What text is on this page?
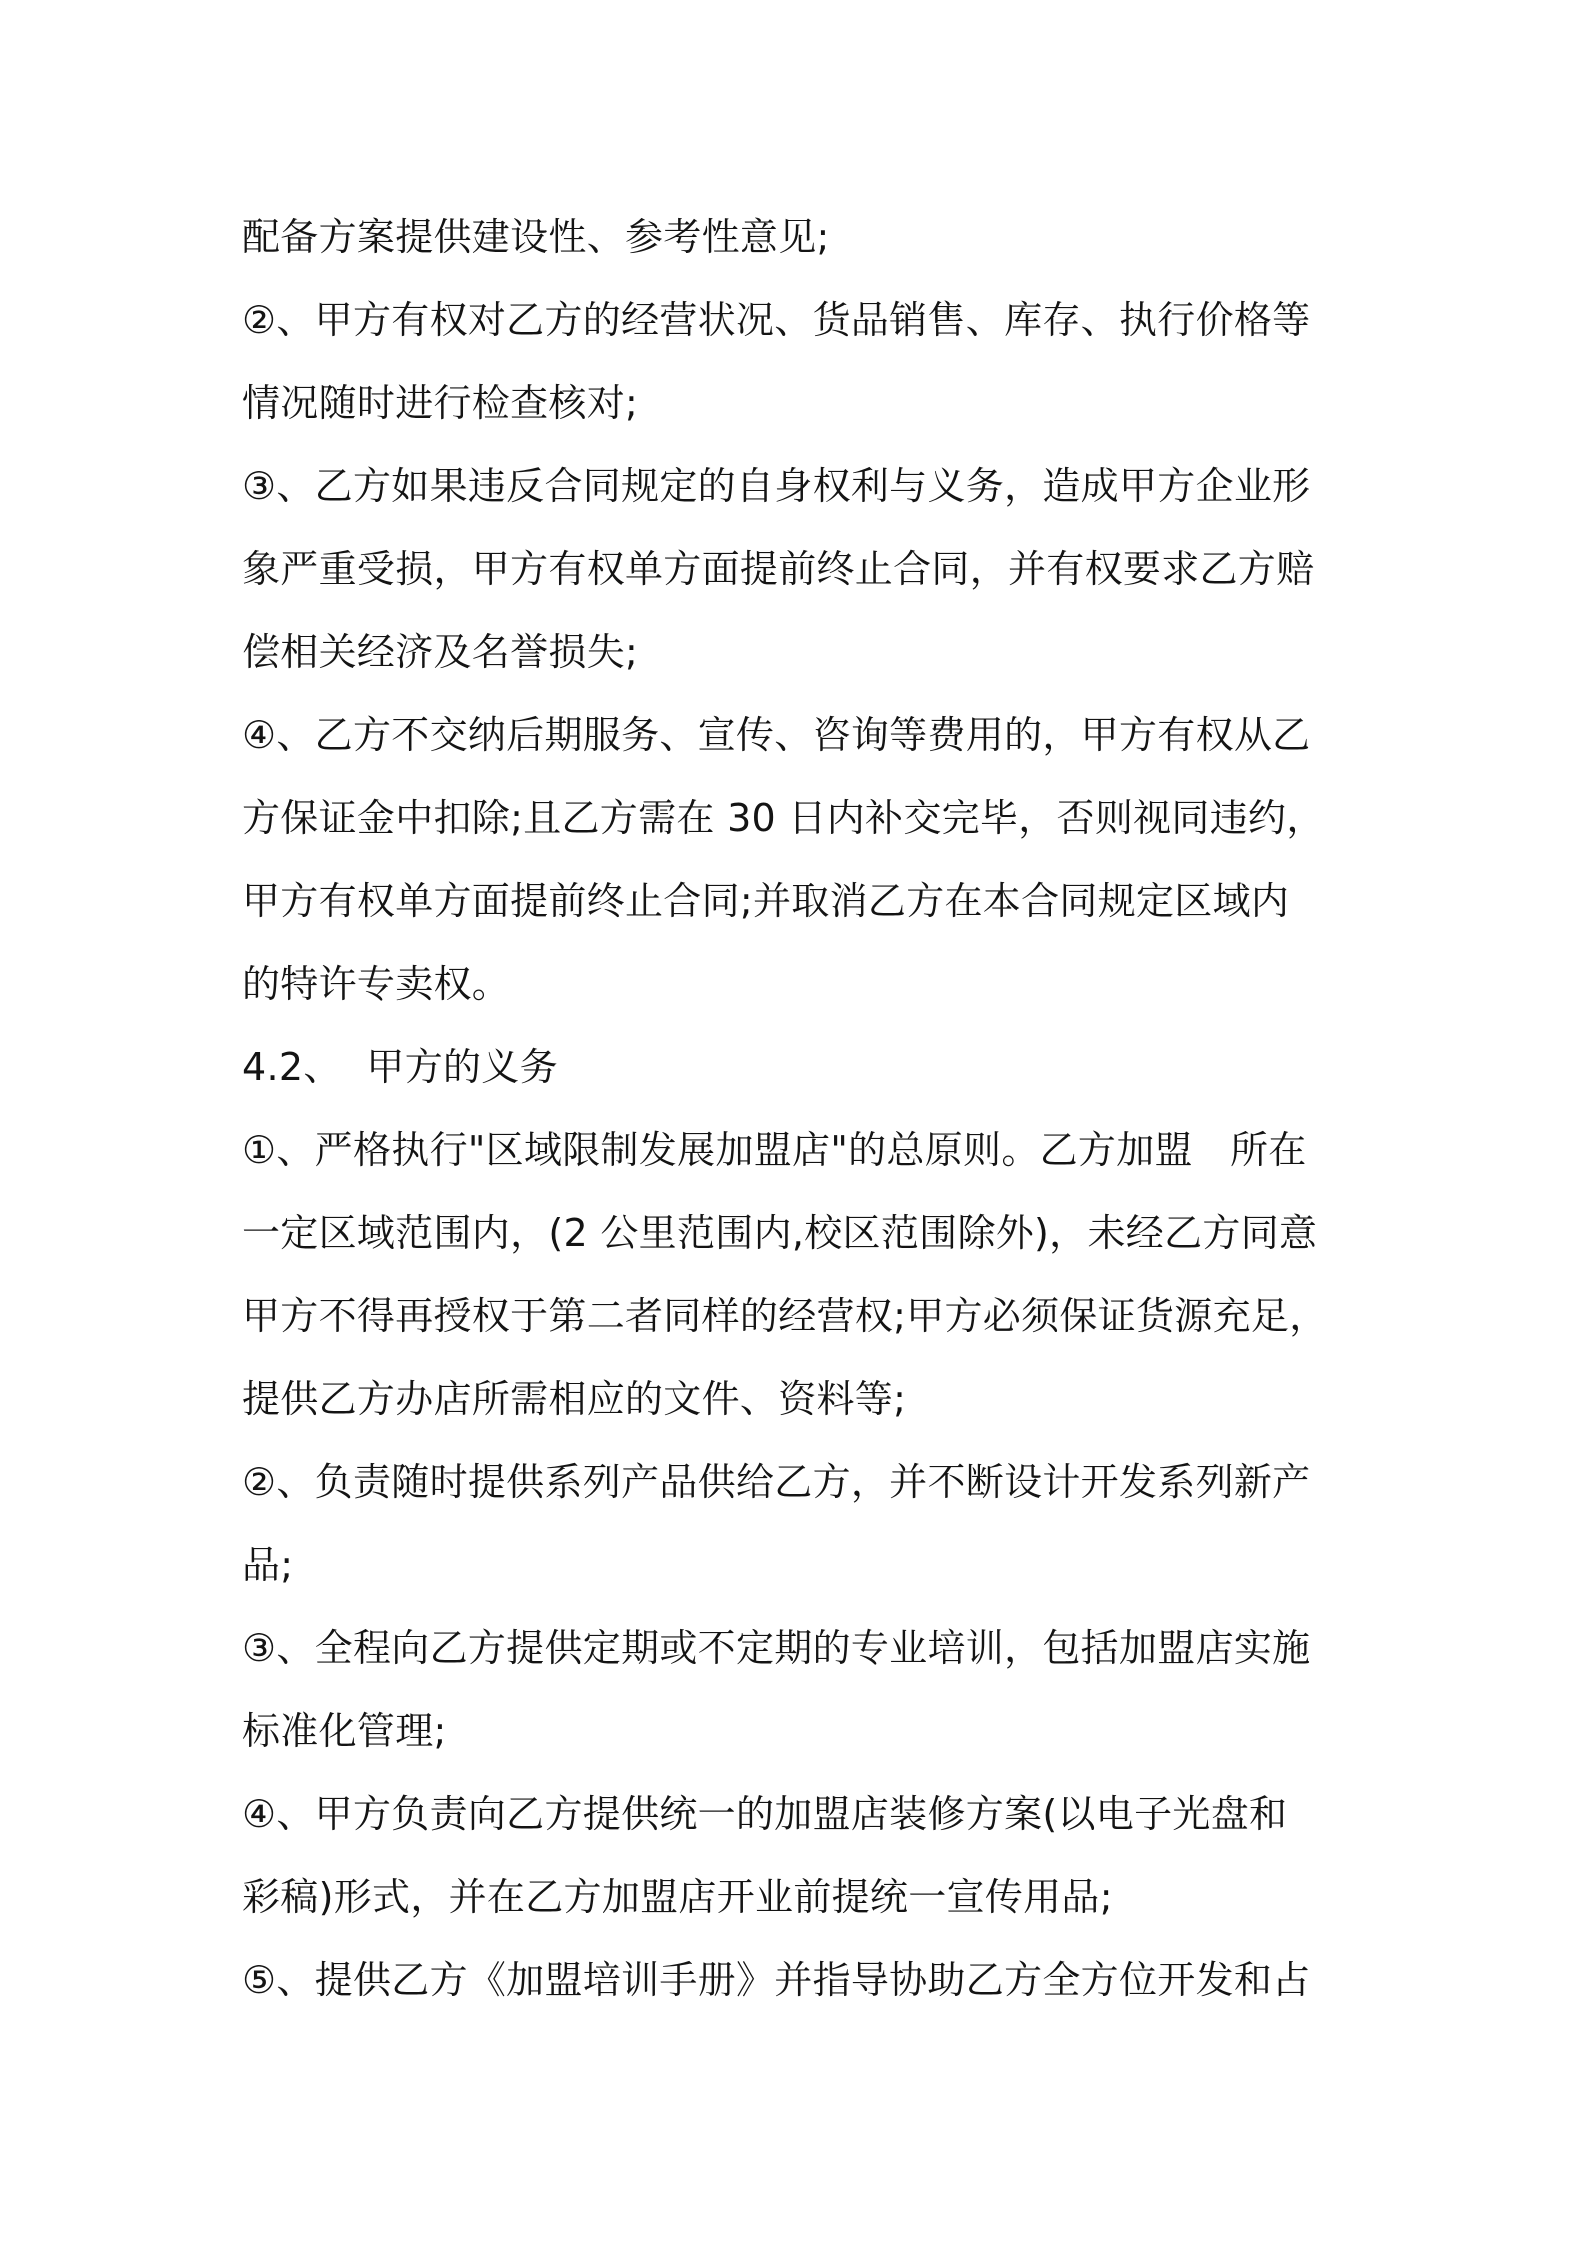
配备方案提供建设性、参考性意见;
②、甲方有权对乙方的经营状况、货品销售、库存、执行价格等
情况随时进行检查核对;
③、乙方如果违反合同规定的自身权利与义务，造成甲方企业形
象严重受损，甲方有权单方面提前终止合同，并有权要求乙方赔
偿相关经济及名誉损失;
④、乙方不交纳后期服务、宣传、咨询等费用的，甲方有权从乙
方保证金中扣除;且乙方需在 30 日内补交完毕，否则视同违约，
甲方有权单方面提前终止合同;并取消乙方在本合同规定区域内
的特许专卖权。
4.2、  甲方的义务
①、严格执行"区域限制发展加盟店"的总原则。乙方加盟   所在
一定区域范围内，(2 公里范围内,校区范围除外)，未经乙方同意
甲方不得再授权于第二者同样的经营权;甲方必须保证货源充足，
提供乙方办店所需相应的文件、资料等;
②、负责随时提供系列产品供给乙方，并不断设计开发系列新产
品;
③、全程向乙方提供定期或不定期的专业培训，包括加盟店实施
标准化管理;
④、甲方负责向乙方提供统一的加盟店装修方案(以电子光盘和
彩稿)形式，并在乙方加盟店开业前提统一宣传用品;
⑤、提供乙方《加盟培训手册》并指导协助乙方全方位开发和占
